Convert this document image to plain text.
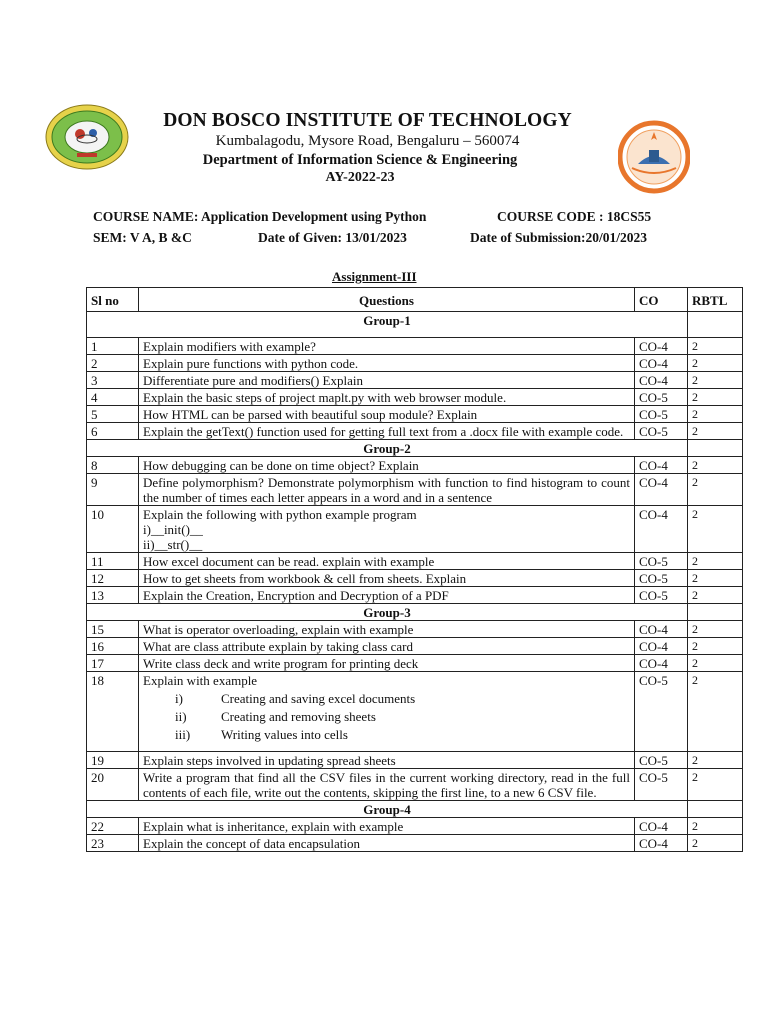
DON BOSCO INSTITUTE OF TECHNOLOGY
Kumbalagodu, Mysore Road, Bengaluru – 560074
Department of Information Science & Engineering
AY-2022-23
COURSE NAME: Application Development using Python	COURSE CODE : 18CS55
SEM: V A, B &C	Date of Given: 13/01/2023	Date of Submission:20/01/2023
Assignment-III
Sl no	Questions	CO	RBTL
Group-1			
1	Explain modifiers with example?	CO-4	2
2	Explain pure functions with python code.	CO-4	2
3	Differentiate pure and modifiers() Explain	CO-4	2
4	Explain the basic steps of project maplt.py with web browser module.	CO-5	2
5	How HTML can be parsed with beautiful soup module? Explain	CO-5	2
6	Explain the getText() function used for getting full text from a .docx file with example code.	CO-5	2
Group-2			
8	How debugging can be done on time object? Explain	CO-4	2
9	Define polymorphism? Demonstrate polymorphism with function to find histogram to count the number of times each letter appears in a word and in a sentence	CO-4	2
10	Explain the following with python example program
i)__init()__
ii)__str()__	CO-4	2
11	How excel document can be read. explain with example	CO-5	2
12	How to get sheets from workbook & cell from sheets. Explain	CO-5	2
13	Explain the Creation, Encryption and Decryption of a PDF	CO-5	2
Group-3			
15	What is operator overloading, explain with example	CO-4	2
16	What are class attribute explain by taking class card	CO-4	2
17	Write class deck and write program for printing deck	CO-4	2
18	Explain with example
i) Creating and saving excel documents
ii) Creating and removing sheets
iii) Writing values into cells	CO-5	2
19	Explain steps involved in updating spread sheets	CO-5	2
20	Write a program that find all the CSV files in the current working directory, read in the full contents of each file, write out the contents, skipping the first line, to a new 6 CSV file.	CO-5	2
Group-4			
22	Explain what is inheritance, explain with example	CO-4	2
23	Explain the concept of data encapsulation	CO-4	2
